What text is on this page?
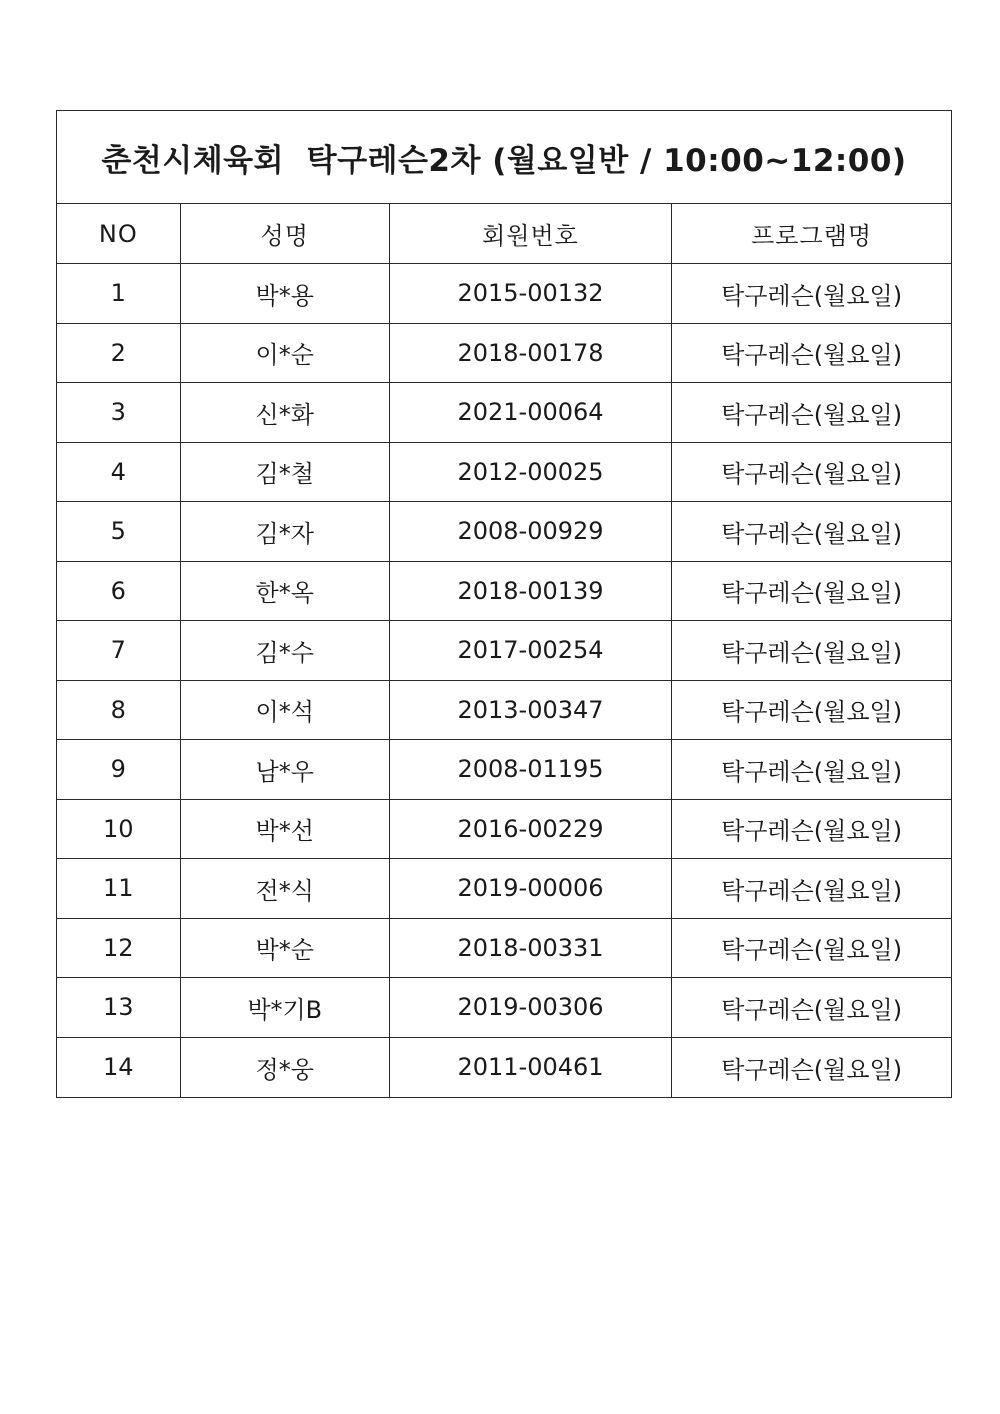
춘천시체육회  탁구레슨2차 (월요일반 / 10:00~12:00)
NO	성명	회원번호	프로그램명
1	박*용	2015-00132	탁구레슨(월요일)
2	이*순	2018-00178	탁구레슨(월요일)
3	신*화	2021-00064	탁구레슨(월요일)
4	김*철	2012-00025	탁구레슨(월요일)
5	김*자	2008-00929	탁구레슨(월요일)
6	한*옥	2018-00139	탁구레슨(월요일)
7	김*수	2017-00254	탁구레슨(월요일)
8	이*석	2013-00347	탁구레슨(월요일)
9	남*우	2008-01195	탁구레슨(월요일)
10	박*선	2016-00229	탁구레슨(월요일)
11	전*식	2019-00006	탁구레슨(월요일)
12	박*순	2018-00331	탁구레슨(월요일)
13	박*기B	2019-00306	탁구레슨(월요일)
14	정*웅	2011-00461	탁구레슨(월요일)
